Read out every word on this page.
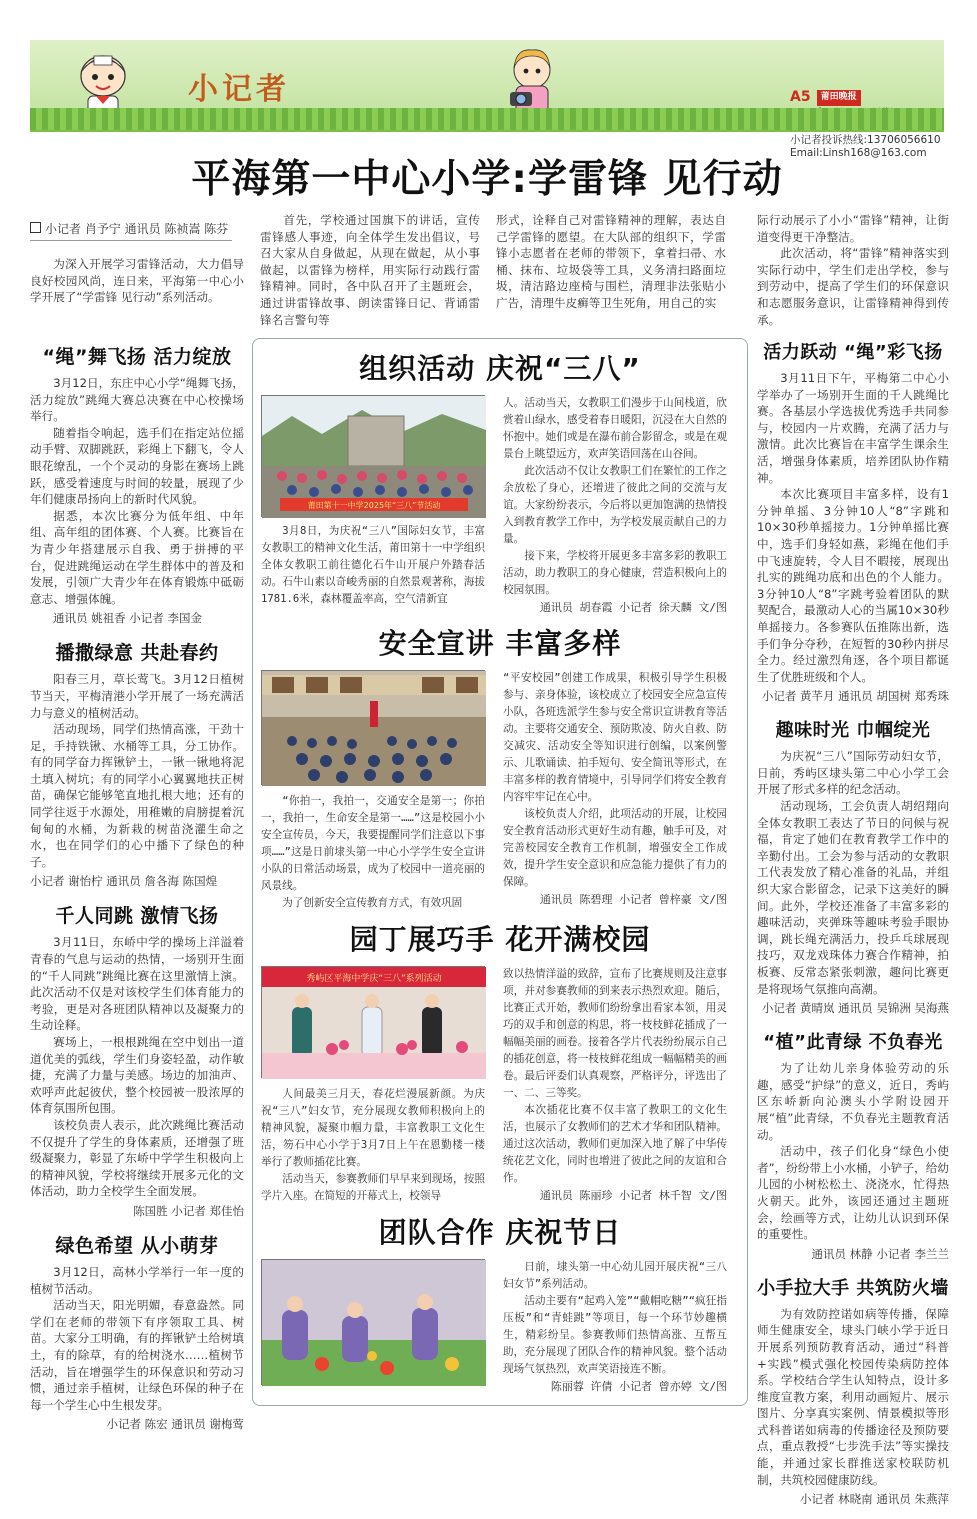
小记者	A5	莆田晚报
小记者投诉热线:13706056610
Email:Linsh168@163.com
平海第一中心小学:学雷锋 见行动
小记者 肖予宁 通讯员 陈祯嵩 陈芬

为深入开展学习雷锋活动，大力倡导良好校园风尚，连日来，平海第一中心小学开展了“学雷锋 见行动”系列活动。

首先，学校通过国旗下的讲话，宣传雷锋感人事迹，向全体学生发出倡议，号召大家从自身做起，从现在做起，从小事做起，以雷锋为榜样，用实际行动践行雷锋精神。同时，各中队召开了主题班会，通过讲雷锋故事、朗读雷锋日记、背诵雷锋名言警句等

形式，诠释自己对雷锋精神的理解，表达自己学雷锋的愿望。在大队部的组织下，学雷锋小志愿者在老师的带领下，拿着扫帚、水桶、抹布、垃圾袋等工具，义务清扫路面垃圾，清洁路边座椅与围栏，清理非法张贴小广告，清理牛皮癣等卫生死角，用自己的实

际行动展示了小小“雷锋”精神，让街道变得更干净整洁。

此次活动，将“雷锋”精神落实到实际行动中，学生们走出学校，参与到劳动中，提高了学生们的环保意识和志愿服务意识，让雷锋精神得到传承。

“绳”舞飞扬 活力绽放

3月12日，东庄中心小学“绳舞飞扬，活力绽放”跳绳大赛总决赛在中心校操场举行。

随着指令响起，选手们在指定站位摇动手臂、双脚跳跃，彩绳上下翻飞，令人眼花缭乱，一个个灵动的身影在赛场上跳跃，感受着速度与时间的较量，展现了少年们健康昂扬向上的新时代风貌。

据悉，本次比赛分为低年组、中年组、高年组的团体赛、个人赛。比赛旨在为青少年搭建展示自我、勇于拼搏的平台，促进跳绳运动在学生群体中的普及和发展，引领广大青少年在体育锻炼中砥砺意志、增强体魄。

通讯员 姚祖香 小记者 李国金
播撒绿意 共赴春约

阳春三月，草长莺飞。3月12日植树节当天，平梅清港小学开展了一场充满活力与意义的植树活动。

活动现场，同学们热情高涨，干劲十足，手持铁锹、水桶等工具，分工协作。有的同学奋力挥锹铲土，一锹一锹地将泥土填入树坑；有的同学小心翼翼地扶正树苗，确保它能够笔直地扎根大地；还有的同学往返于水源处，用稚嫩的肩膀提着沉甸甸的水桶，为新栽的树苗浇灌生命之水，也在同学们的心中播下了绿色的种子。

小记者 谢怡柠 通讯员 詹各海 陈国煌
千人同跳 激情飞扬

3月11日，东峤中学的操场上洋溢着青春的气息与运动的热情，一场别开生面的“千人同跳”跳绳比赛在这里激情上演。此次活动不仅是对该校学生们体育能力的考验，更是对各班团队精神以及凝聚力的生动诠释。

赛场上，一根根跳绳在空中划出一道道优美的弧线，学生们身姿轻盈，动作敏捷，充满了力量与美感。场边的加油声、欢呼声此起彼伏，整个校园被一股浓厚的体育氛围所包围。

该校负责人表示，此次跳绳比赛活动不仅提升了学生的身体素质，还增强了班级凝聚力，彰显了东峤中学学生积极向上的精神风貌，学校将继续开展多元化的文体活动，助力全校学生全面发展。

陈国胜 小记者 郑佳怡
绿色希望 从小萌芽

3月12日，高林小学举行一年一度的植树节活动。

活动当天，阳光明媚，春意盎然。同学们在老师的带领下有序领取工具、树苗。大家分工明确，有的挥锹铲土给树填土，有的除草，有的给树浇水……植树节活动，旨在增强学生的环保意识和劳动习惯，通过亲手植树，让绿色环保的种子在每一个学生心中生根发芽。

小记者 陈宏 通讯员 谢梅莺
组织活动 庆祝“三八”
莆田第十一中学2025年“三八”节活动

3月8日，为庆祝“三八”国际妇女节，丰富女教职工的精神文化生活，莆田第十一中学组织全体女教职工前往德化石牛山开展户外踏春活动。石牛山素以奇峻秀丽的自然景观著称，海拔1781.6米，森林覆盖率高，空气清新宜

人。活动当天，女教职工们漫步于山间栈道，欣赏着山绿水，感受着春日暖阳，沉浸在大自然的怀抱中。她们或是在瀑布前合影留念，或是在观景台上眺望远方，欢声笑语回荡在山谷间。

此次活动不仅让女教职工们在繁忙的工作之余放松了身心，还增进了彼此之间的交流与友谊。大家纷纷表示，今后将以更加饱满的热情投入到教育教学工作中，为学校发展贡献自己的力量。

接下来，学校将开展更多丰富多彩的教职工活动，助力教职工的身心健康，营造积极向上的校园氛围。

通讯员 胡春霞 小记者 徐天麟 文/图
安全宣讲 丰富多样

“你拍一，我拍一，交通安全是第一；你拍一，我拍一，生命安全是第一……”这是校园小小安全宣传员，今天，我要提醒同学们注意以下事项……”这是日前埭头第一中心小学学生安全宣讲小队的日常活动场景，成为了校园中一道亮丽的风景线。

为了创新安全宣传教育方式，有效巩固

“平安校园”创建工作成果，积极引导学生积极参与、亲身体验，该校成立了校园安全应急宣传小队，各班选派学生参与安全常识宣讲教育等活动。主要将交通安全、预防欺凌、防火自救、防交减灾、活动安全等知识进行创编，以案例警示、儿歌诵读、拍手短句、安全简讯等形式，在丰富多样的教育情境中，引导同学们将安全教育内容牢牢记在心中。

该校负责人介绍，此项活动的开展，让校园安全教育活动形式更好生动有趣，触手可及，对完善校园安全教育工作机制，增强安全工作成效，提升学生安全意识和应急能力提供了有力的保障。

通讯员 陈碧理 小记者 曾梓豪 文/图
园丁展巧手 花开满校园
秀屿区平海中学庆“三八”系列活动

人间最美三月天，春花烂漫展新颜。为庆祝“三八”妇女节，充分展现女教师积极向上的精神风貌，凝聚巾帼力量，丰富教职工文化生活，笏石中心小学于3月7日上午在恩勤楼一楼举行了教师插花比赛。

活动当天，参赛教师们早早来到现场，按照学片入座。在简短的开幕式上，校领导

致以热情洋溢的致辞，宣布了比赛规则及注意事项，并对参赛教师的到来表示热烈欢迎。随后，比赛正式开始，教师们纷纷拿出看家本领，用灵巧的双手和创意的构思，将一枝枝鲜花插成了一幅幅美丽的画卷。接着各学片代表纷纷展示自己的插花创意，将一枝枝鲜花组成一幅幅精美的画卷。最后评委们认真观察，严格评分，评选出了一、二、三等奖。

本次插花比赛不仅丰富了教职工的文化生活，也展示了女教师们的艺术才华和团队精神。通过这次活动，教师们更加深入地了解了中华传统花艺文化，同时也增进了彼此之间的友谊和合作。

通讯员 陈丽珍 小记者 林千智 文/图
团队合作 庆祝节日

日前，埭头第一中心幼儿园开展庆祝“三八妇女节”系列活动。

活动主要有“起鸡入笼”“戴帽吃糖”“疯狂指压板”和“青蛙跳”等项目，每一个环节妙趣横生，精彩纷呈。参赛教师们热情高涨、互帮互助，充分展现了团队合作的精神风貌。整个活动现场气氛热烈，欢声笑语接连不断。

陈丽蓉 许倩 小记者 曾亦婷 文/图
活力跃动 “绳”彩飞扬

3月11日下午，平梅第二中心小学举办了一场别开生面的千人跳绳比赛。各基层小学选拔优秀选手共同参与，校园内一片欢腾，充满了活力与激情。此次比赛旨在丰富学生课余生活，增强身体素质，培养团队协作精神。

本次比赛项目丰富多样，设有1分钟单摇、3分钟10人“8”字跳和10×30秒单摇接力。1分钟单摇比赛中，选手们身轻如燕，彩绳在他们手中飞速旋转，令人目不暇接，展现出扎实的跳绳功底和出色的个人能力。3分钟10人“8”字跳考验着团队的默契配合，最激动人心的当属10×30秒单摇接力。各参赛队伍推陈出新，选手们争分夺秒，在短暂的30秒内拼尽全力。经过激烈角逐，各个项目都诞生了优胜班级和个人。

小记者 黄芊月 通讯员 胡国树 郑秀珠
趣味时光 巾帼绽光

为庆祝“三八”国际劳动妇女节，日前，秀屿区埭头第二中心小学工会开展了形式多样的纪念活动。

活动现场，工会负责人胡绍翔向全体女教职工表达了节日的问候与祝福，肯定了她们在教育教学工作中的辛勤付出。工会为参与活动的女教职工代表发放了精心准备的礼品，并组织大家合影留念，记录下这美好的瞬间。此外，学校还准备了丰富多彩的趣味活动，夹弹珠等趣味考验手眼协调，跳长绳充满活力，投乒乓球展现技巧，双龙戏珠体力赛合作精神，拍板赛、反常态紧张刺激，趣问比赛更是将现场气氛推向高潮。

小记者 黄晴岚 通讯员 吴锦洲 吴海燕
“植”此青绿 不负春光

为了让幼儿亲身体验劳动的乐趣，感受“护绿”的意义，近日，秀屿区东峤新向沁澳头小学附设园开展“植”此青绿，不负春光主题教育活动。

活动中，孩子们化身“绿色小使者”，纷纷带上小水桶，小铲子，给幼儿园的小树松松土、浇浇水，忙得热火朝天。此外，该园还通过主题班会，绘画等方式，让幼儿认识到环保的重要性。

通讯员 林静 小记者 李兰兰
小手拉大手 共筑防火墙

为有效防控诺如病等传播，保障师生健康安全，埭头门峡小学于近日开展系列预防教育活动，通过“科普+实践”模式强化校园传染病防控体系。学校结合学生认知特点，设计多维度宣教方案，利用动画短片、展示图片、分享真实案例、情景模拟等形式科普诺如病毒的传播途径及预防要点，重点教授“七步洗手法”等实操技能，并通过家长群推送家校联防机制，共筑校园健康防线。

小记者 林晓南 通讯员 朱燕萍
